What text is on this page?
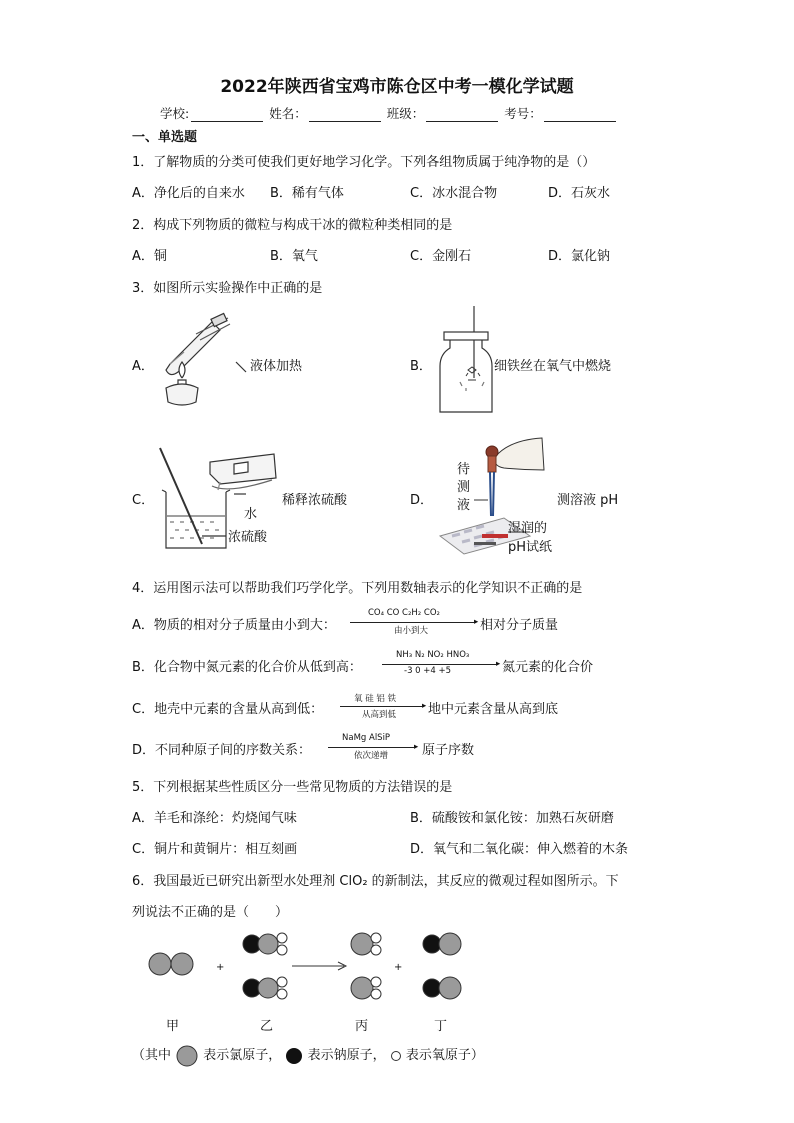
2022年陕西省宝鸡市陈仓区中考一模化学试题
学校:	姓名：	班级：	考号：
一、单选题
1．了解物质的分类可使我们更好地学习化学。下列各组物质属于纯净物的是（）
A．净化后的自来水 B．稀有气体	C．冰水混合物	D．石灰水
2．构成下列物质的微粒与构成干冰的微粒种类相同的是
A．铜	B．氧气	C．金刚石	D．氯化钠
3．如图所示实验操作中正确的是
A．	液体加热	B．	细铁丝在氧气中燃烧
C．	稀释浓硫酸
水
浓硫酸
D．
待
测
液	测溶液 pH
湿润的
pH试纸
4．运用图示法可以帮助我们巧学化学。下列用数轴表示的化学知识不正确的是
A．物质的相对分子质量由小到大：
CO₄ CO C₂H₂ CO₂
▸
由小到大	相对分子质量
B．化合物中氮元素的化合价从低到高：
NH₃ N₂ NO₂ HNO₃
▸
-3 0 +4 +5	氮元素的化合价
C．地壳中元素的含量从高到低：
氧 硅 铝 铁
▸
从高到低 地中元素含量从高到底
D．不同种原子间的序数关系：
NaMg AlSiP
▸
依次递增	原子序数
5．下列根据某些性质区分一些常见物质的方法错误的是
A．羊毛和涤纶：灼烧闻气味	B．硫酸铵和氯化铵：加熟石灰研磨
C．铜片和黄铜片：相互刻画	D．氧气和二氧化碳：伸入燃着的木条
6．我国最近已研究出新型水处理剂 ClO₂ 的新制法，其反应的微观过程如图所示。下
列说法不正确的是（　　）
+	+
甲	乙	丙	丁
（其中 表示氯原子， 表示钠原子， 表示氧原子）
